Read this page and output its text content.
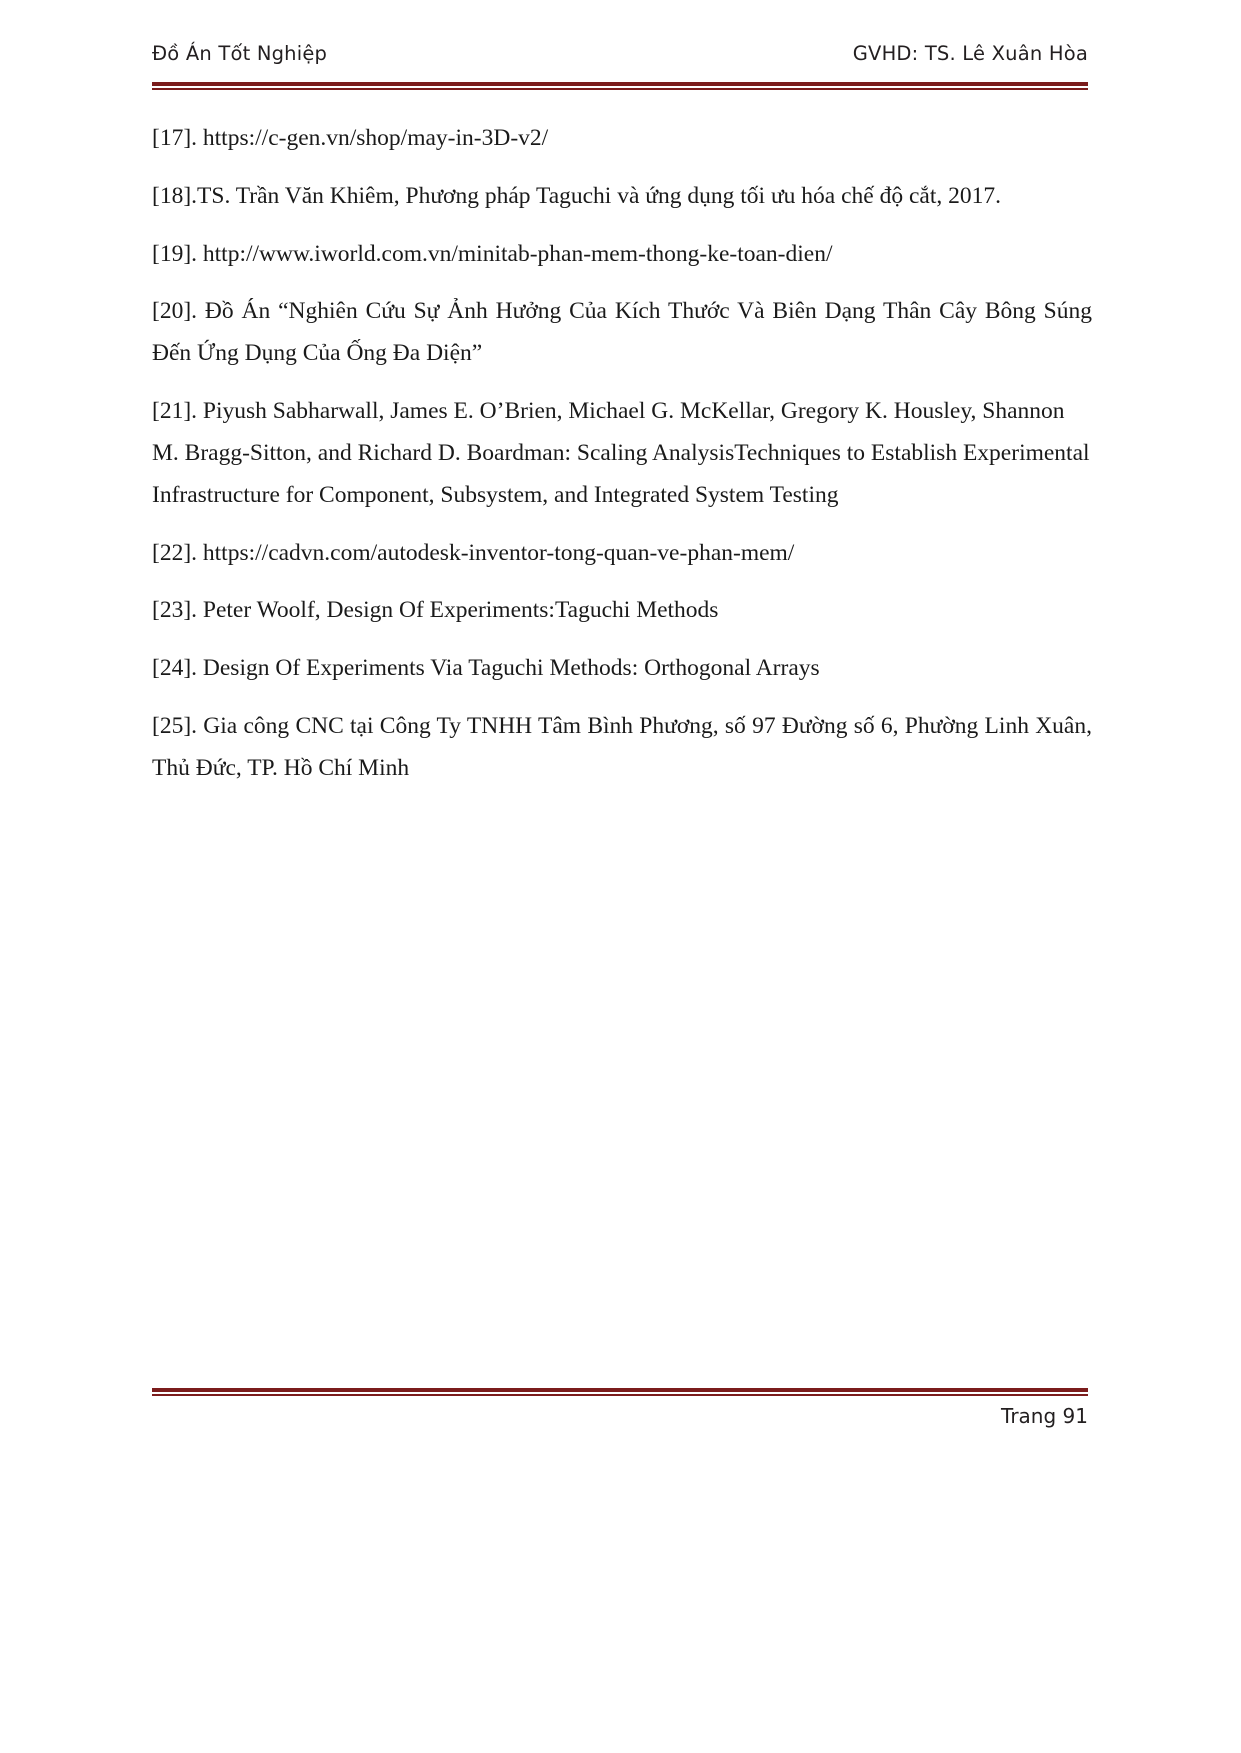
Đồ Án Tốt Nghiệp	GVHD: TS. Lê Xuân Hòa

[17]. https://c-gen.vn/shop/may-in-3D-v2/

[18].TS. Trần Văn Khiêm, Phương pháp Taguchi và ứng dụng tối ưu hóa chế độ cắt, 2017.

[19]. http://www.iworld.com.vn/minitab-phan-mem-thong-ke-toan-dien/

[20]. Đồ Án “Nghiên Cứu Sự Ảnh Hưởng Của Kích Thước Và Biên Dạng Thân Cây Bông Súng Đến Ứng Dụng Của Ống Đa Diện”

[21]. Piyush Sabharwall, James E. O’Brien, Michael G. McKellar, Gregory K. Housley, Shannon M. Bragg-Sitton, and Richard D. Boardman: Scaling AnalysisTechniques to Establish Experimental Infrastructure for Component, Subsystem, and Integrated System Testing

[22]. https://cadvn.com/autodesk-inventor-tong-quan-ve-phan-mem/

[23]. Peter Woolf, Design Of Experiments:Taguchi Methods

[24]. Design Of Experiments Via Taguchi Methods: Orthogonal Arrays

[25]. Gia công CNC tại Công Ty TNHH Tâm Bình Phương, số 97 Đường số 6, Phường Linh Xuân, Thủ Đức, TP. Hồ Chí Minh

Trang 91
